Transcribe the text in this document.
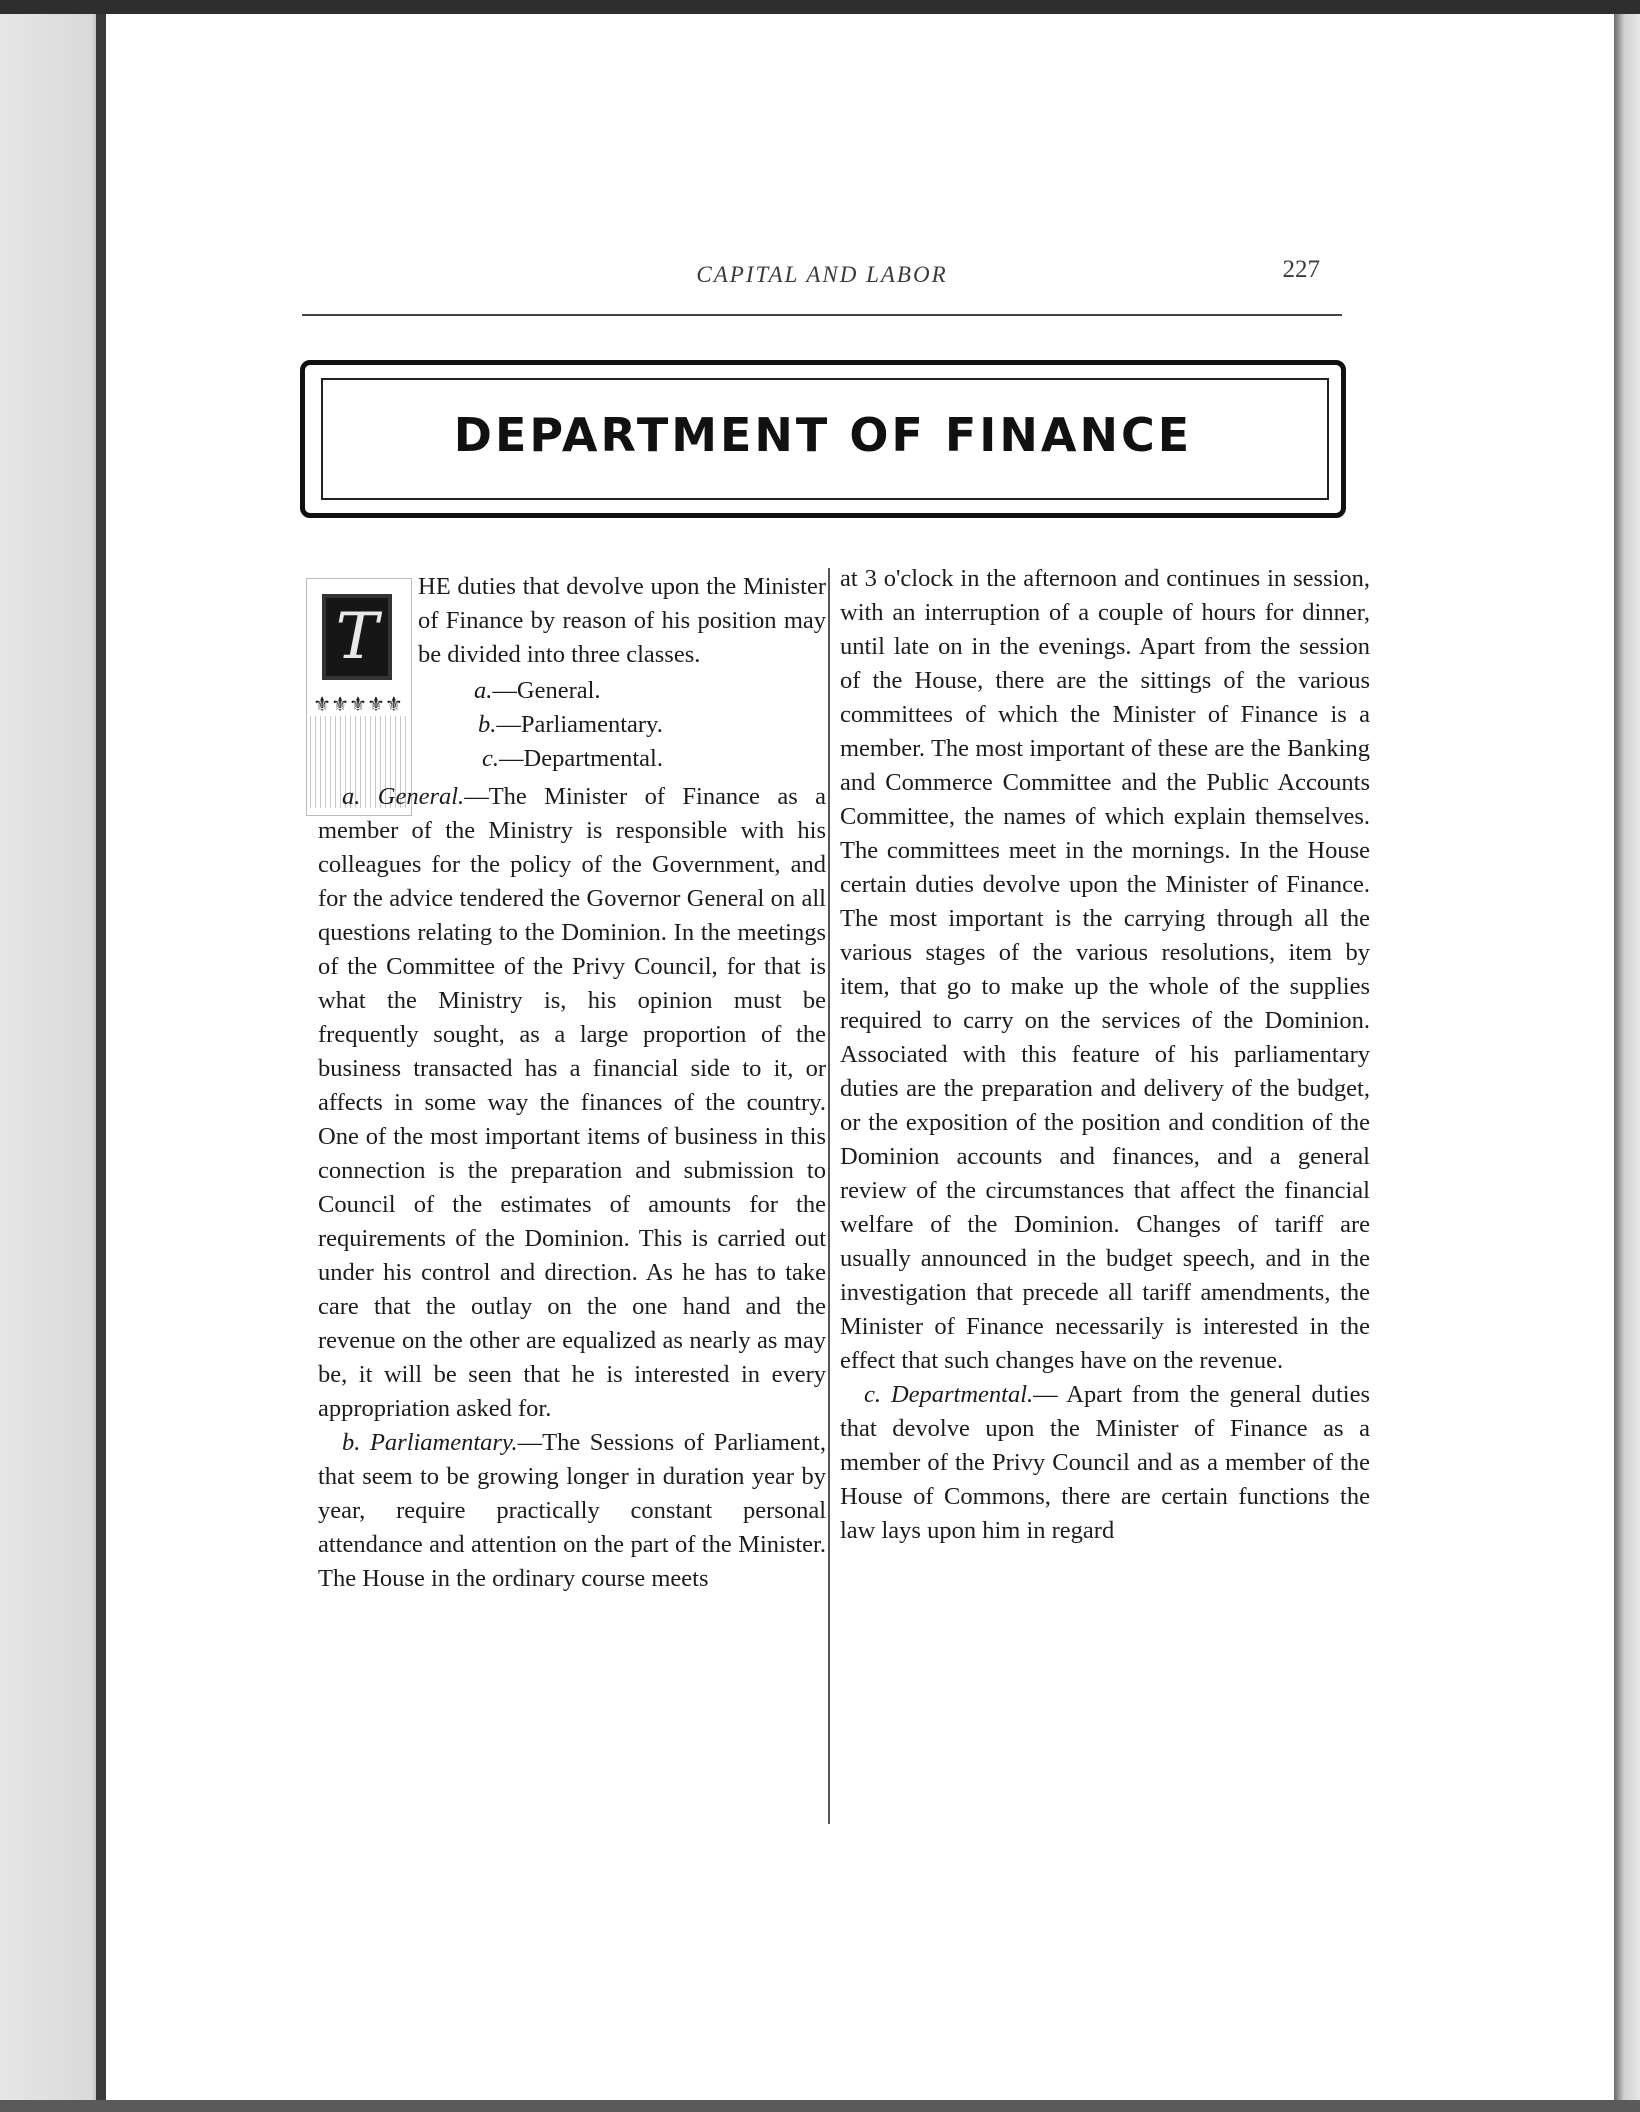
CAPITAL AND LABOR	227
DEPARTMENT OF FINANCE
T
⚜⚜⚜⚜⚜

HE duties that devolve upon the Minister of Finance by reason of his position may be divided into three classes.

a.—General.
b.—Parliamentary.
c.—Departmental.

a. General.—The Minister of Finance as a member of the Ministry is responsible with his colleagues for the policy of the Government, and for the advice tendered the Governor General on all questions relating to the Dominion. In the meetings of the Committee of the Privy Council, for that is what the Ministry is, his opinion must be frequently sought, as a large proportion of the business transacted has a financial side to it, or affects in some way the finances of the country. One of the most important items of business in this connection is the preparation and submission to Council of the estimates of amounts for the requirements of the Dominion. This is carried out under his control and direction. As he has to take care that the outlay on the one hand and the revenue on the other are equalized as nearly as may be, it will be seen that he is interested in every appropriation asked for.

b. Parliamentary.—The Sessions of Parliament, that seem to be growing longer in duration year by year, require practically constant personal attendance and attention on the part of the Minister. The House in the ordinary course meets

at 3 o'clock in the afternoon and continues in session, with an interruption of a couple of hours for dinner, until late on in the evenings. Apart from the session of the House, there are the sittings of the various committees of which the Minister of Finance is a member. The most important of these are the Banking and Commerce Committee and the Public Accounts Committee, the names of which explain themselves. The committees meet in the mornings. In the House certain duties devolve upon the Minister of Finance. The most important is the carrying through all the various stages of the various resolutions, item by item, that go to make up the whole of the supplies required to carry on the services of the Dominion. Associated with this feature of his parliamentary duties are the preparation and delivery of the budget, or the exposition of the position and condition of the Dominion accounts and finances, and a general review of the circumstances that affect the financial welfare of the Dominion. Changes of tariff are usually announced in the budget speech, and in the investigation that precede all tariff amendments, the Minister of Finance necessarily is interested in the effect that such changes have on the revenue.

c. Departmental.— Apart from the general duties that devolve upon the Minister of Finance as a member of the Privy Council and as a member of the House of Commons, there are certain functions the law lays upon him in regard
